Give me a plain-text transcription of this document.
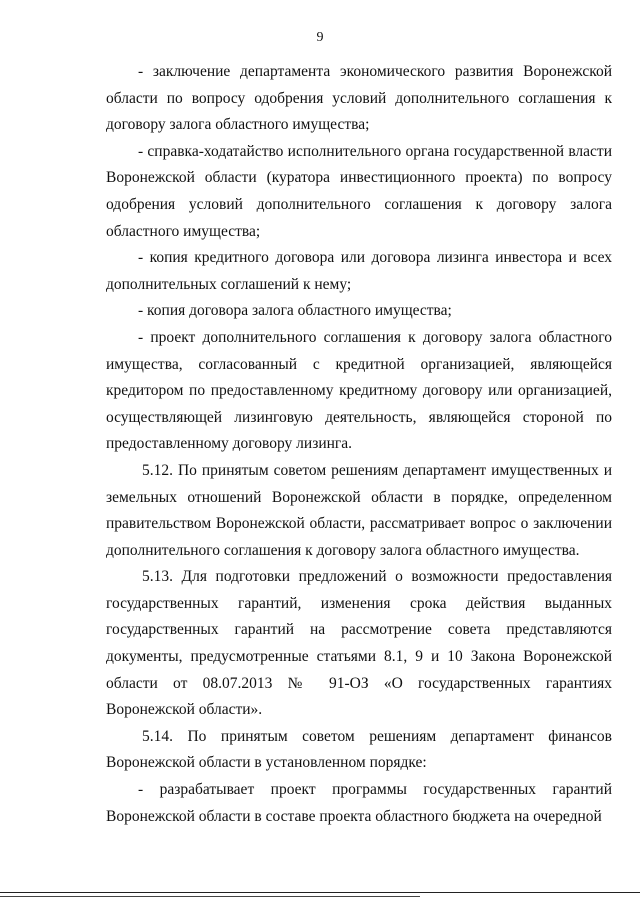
9

- заключение департамента экономического развития Воронежской области по вопросу одобрения условий дополнительного соглашения к договору залога областного имущества;

- справка-ходатайство исполнительного органа государственной власти Воронежской области (куратора инвестиционного проекта) по вопросу одобрения условий дополнительного соглашения к договору залога областного имущества;

- копия кредитного договора или договора лизинга инвестора и всех дополнительных соглашений к нему;

- копия договора залога областного имущества;

- проект дополнительного соглашения к договору залога областного имущества, согласованный с кредитной организацией, являющейся кредитором по предоставленному кредитному договору или организацией, осуществляющей лизинговую деятельность, являющейся стороной по предоставленному договору лизинга.

5.12. По принятым советом решениям департамент имущественных и земельных отношений Воронежской области в порядке, определенном правительством Воронежской области, рассматривает вопрос о заключении дополнительного соглашения к договору залога областного имущества.

5.13. Для подготовки предложений о возможности предоставления государственных гарантий, изменения срока действия выданных государственных гарантий на рассмотрение совета представляются документы, предусмотренные статьями 8.1, 9 и 10 Закона Воронежской области от 08.07.2013 № 91-ОЗ «О государственных гарантиях Воронежской области».

5.14. По принятым советом решениям департамент финансов Воронежской области в установленном порядке:

- разрабатывает проект программы государственных гарантий Воронежской области в составе проекта областного бюджета на очередной
